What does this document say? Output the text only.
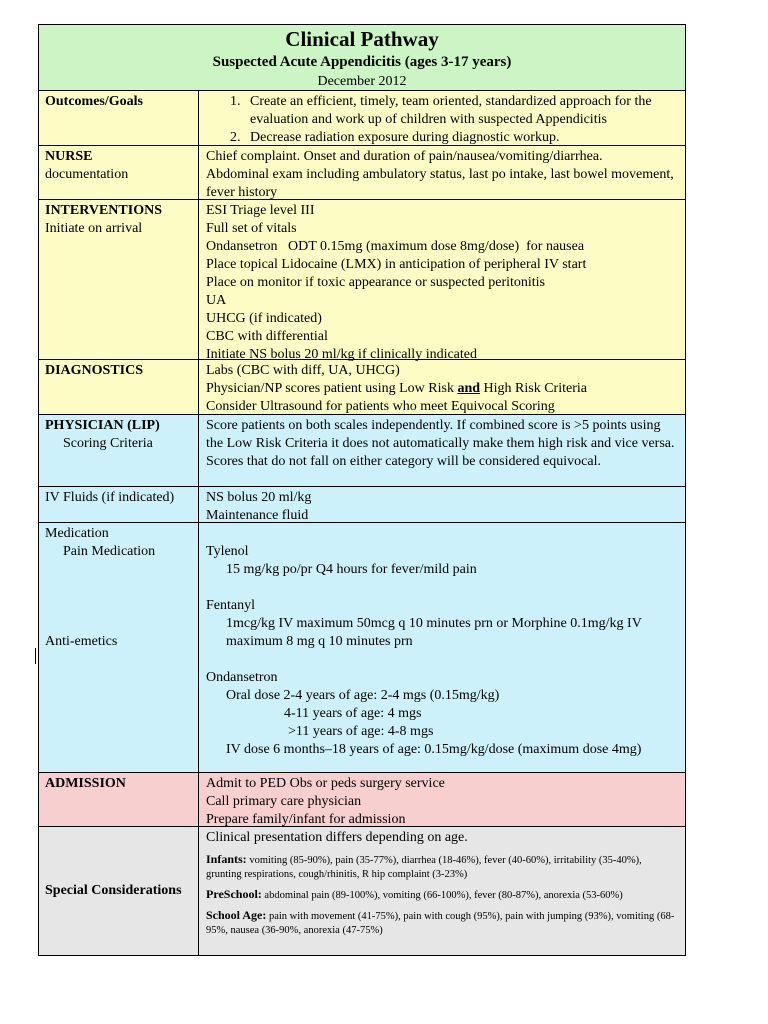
Clinical Pathway
Suspected Acute Appendicitis (ages 3-17 years)
December 2012
Outcomes/Goals
1.	Create an efficient, timely, team oriented, standardized approach for the evaluation and work up of children with suspected Appendicitis
2. Decrease radiation exposure during diagnostic workup.
NURSE
documentation
Chief complaint. Onset and duration of pain/nausea/vomiting/diarrhea.
Abdominal exam including ambulatory status, last po intake, last bowel movement, fever history
INTERVENTIONS
Initiate on arrival
ESI Triage level III
Full set of vitals
Ondansetron   ODT 0.15mg (maximum dose 8mg/dose)  for nausea
Place topical Lidocaine (LMX) in anticipation of peripheral IV start
Place on monitor if toxic appearance or suspected peritonitis
UA
UHCG (if indicated)
CBC with differential
Initiate NS bolus 20 ml/kg if clinically indicated
DIAGNOSTICS	Labs (CBC with diff, UA, UHCG)
Physician/NP scores patient using Low Risk and High Risk Criteria
Consider Ultrasound for patients who meet Equivocal Scoring
PHYSICIAN (LIP)
Scoring Criteria
Score patients on both scales independently. If combined score is >5 points using the Low Risk Criteria it does not automatically make them high risk and vice versa. Scores that do not fall on either category will be considered equivocal.
IV Fluids (if indicated)	NS bolus 20 ml/kg
Maintenance fluid
Medication
Pain Medication
Anti-emetics
Tylenol
15 mg/kg po/pr Q4 hours for fever/mild pain
Fentanyl
1mcg/kg IV maximum 50mcg q 10 minutes prn or Morphine 0.1mg/kg IV maximum 8 mg q 10 minutes prn
Ondansetron
Oral dose 2-4 years of age: 2-4 mgs (0.15mg/kg)
4-11 years of age: 4 mgs
>11 years of age: 4-8 mgs
IV dose 6 months–18 years of age: 0.15mg/kg/dose (maximum dose 4mg)
ADMISSION	Admit to PED Obs or peds surgery service
Call primary care physician
Prepare family/infant for admission
Special Considerations
Clinical presentation differs depending on age.
Infants: vomiting (85-90%), pain (35-77%), diarrhea (18-46%), fever (40-60%), irritability (35-40%), grunting respirations, cough/rhinitis, R hip complaint (3-23%)
PreSchool: abdominal pain (89-100%), vomiting (66-100%), fever (80-87%), anorexia (53-60%)
School Age: pain with movement (41-75%), pain with cough (95%), pain with jumping (93%), vomiting (68-95%, nausea (36-90%, anorexia (47-75%)
